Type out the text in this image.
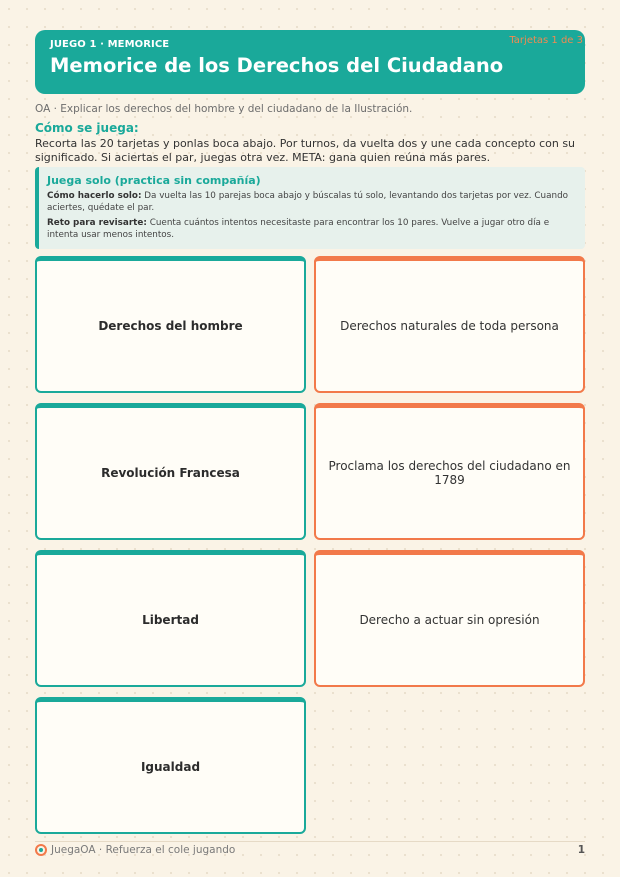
JUEGO 1 · MEMORICE
Memorice de los Derechos del Ciudadano
Tarjetas 1 de 3
OA · Explicar los derechos del hombre y del ciudadano de la Ilustración.
Cómo se juega:
Recorta las 20 tarjetas y ponlas boca abajo. Por turnos, da vuelta dos y une cada concepto con su significado. Si aciertas el par, juegas otra vez. META: gana quien reúna más pares.
Juega solo (practica sin compañía)
Cómo hacerlo solo: Da vuelta las 10 parejas boca abajo y búscalas tú solo, levantando dos tarjetas por vez. Cuando aciertes, quédate el par.
Reto para revisarte: Cuenta cuántos intentos necesitaste para encontrar los 10 pares. Vuelve a jugar otro día e intenta usar menos intentos.
Derechos del hombre	Derechos naturales de toda persona
Revolución Francesa	Proclama los derechos del ciudadano en 1789
Libertad	Derecho a actuar sin opresión
Igualdad
JuegaOA · Refuerza el cole jugando	1
